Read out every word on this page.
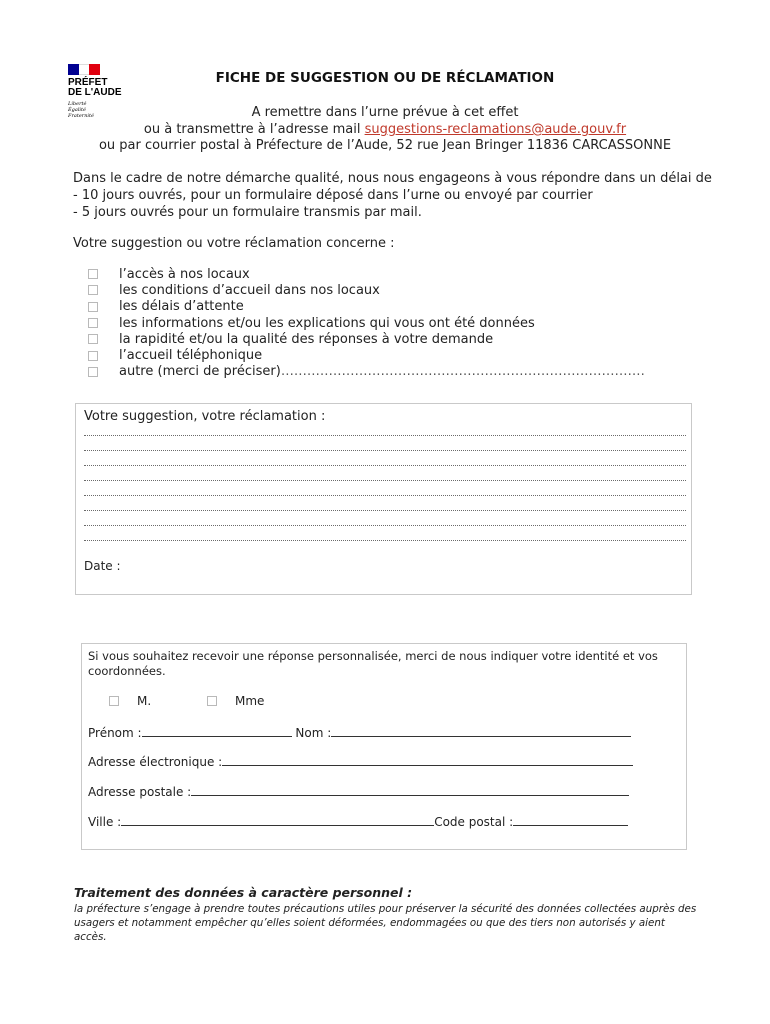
PRÉFET
DE L'AUDE
Liberté
Égalité
Fraternité
FICHE DE SUGGESTION OU DE RÉCLAMATION
A remettre dans l’urne prévue à cet effet
ou à transmettre à l’adresse mail suggestions-reclamations@aude.gouv.fr
ou par courrier postal à Préfecture de l’Aude, 52 rue Jean Bringer 11836 CARCASSONNE
Dans le cadre de notre démarche qualité, nous nous engageons à vous répondre dans un délai de
- 10 jours ouvrés, pour un formulaire déposé dans l’urne ou envoyé par courrier
- 5 jours ouvrés pour un formulaire transmis par mail.
Votre suggestion ou votre réclamation concerne :
l’accès à nos locaux
les conditions d’accueil dans nos locaux
les délais d’attente
les informations et/ou les explications qui vous ont été données
la rapidité et/ou la qualité des réponses à votre demande
l’accueil téléphonique
autre (merci de préciser) …………………………………………………………………………
Votre suggestion, votre réclamation :
Date :
Si vous souhaitez recevoir une réponse personnalisée, merci de nous indiquer votre identité et vos coordonnées.
M.	Mme
Prénom :	Nom :
Adresse électronique :
Adresse postale :
Ville :	Code postal :
Traitement des données à caractère personnel :
la préfecture s’engage à prendre toutes précautions utiles pour préserver la sécurité des données collectées auprès des usagers et notamment empêcher qu’elles soient déformées, endommagées ou que des tiers non autorisés y aient accès.
